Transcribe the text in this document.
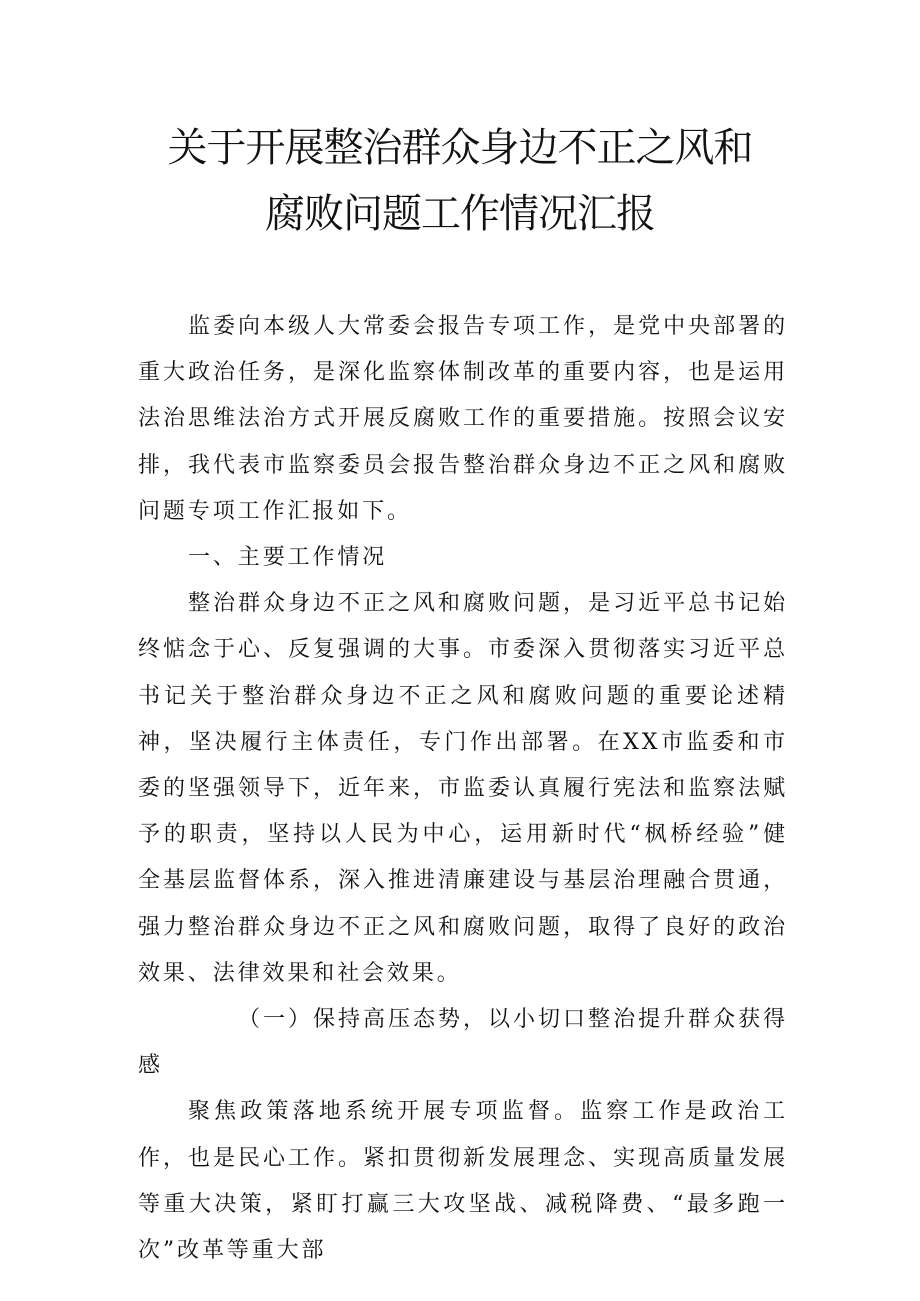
关于开展整治群众身边不正之风和
腐败问题工作情况汇报

监委向本级人大常委会报告专项工作，是党中央部署的重大政治任务，是深化监察体制改革的重要内容，也是运用法治思维法治方式开展反腐败工作的重要措施。按照会议安排，我代表市监察委员会报告整治群众身边不正之风和腐败问题专项工作汇报如下。

一、主要工作情况

整治群众身边不正之风和腐败问题，是习近平总书记始终惦念于心、反复强调的大事。市委深入贯彻落实习近平总书记关于整治群众身边不正之风和腐败问题的重要论述精神，坚决履行主体责任，专门作出部署。在XX市监委和市委的坚强领导下，近年来，市监委认真履行宪法和监察法赋予的职责，坚持以人民为中心，运用新时代“枫桥经验”健全基层监督体系，深入推进清廉建设与基层治理融合贯通，强力整治群众身边不正之风和腐败问题，取得了良好的政治效果、法律效果和社会效果。

（一）保持高压态势，以小切口整治提升群众获得感

聚焦政策落地系统开展专项监督。监察工作是政治工作，也是民心工作。紧扣贯彻新发展理念、实现高质量发展等重大决策，紧盯打赢三大攻坚战、减税降费、“最多跑一次”改革等重大部
